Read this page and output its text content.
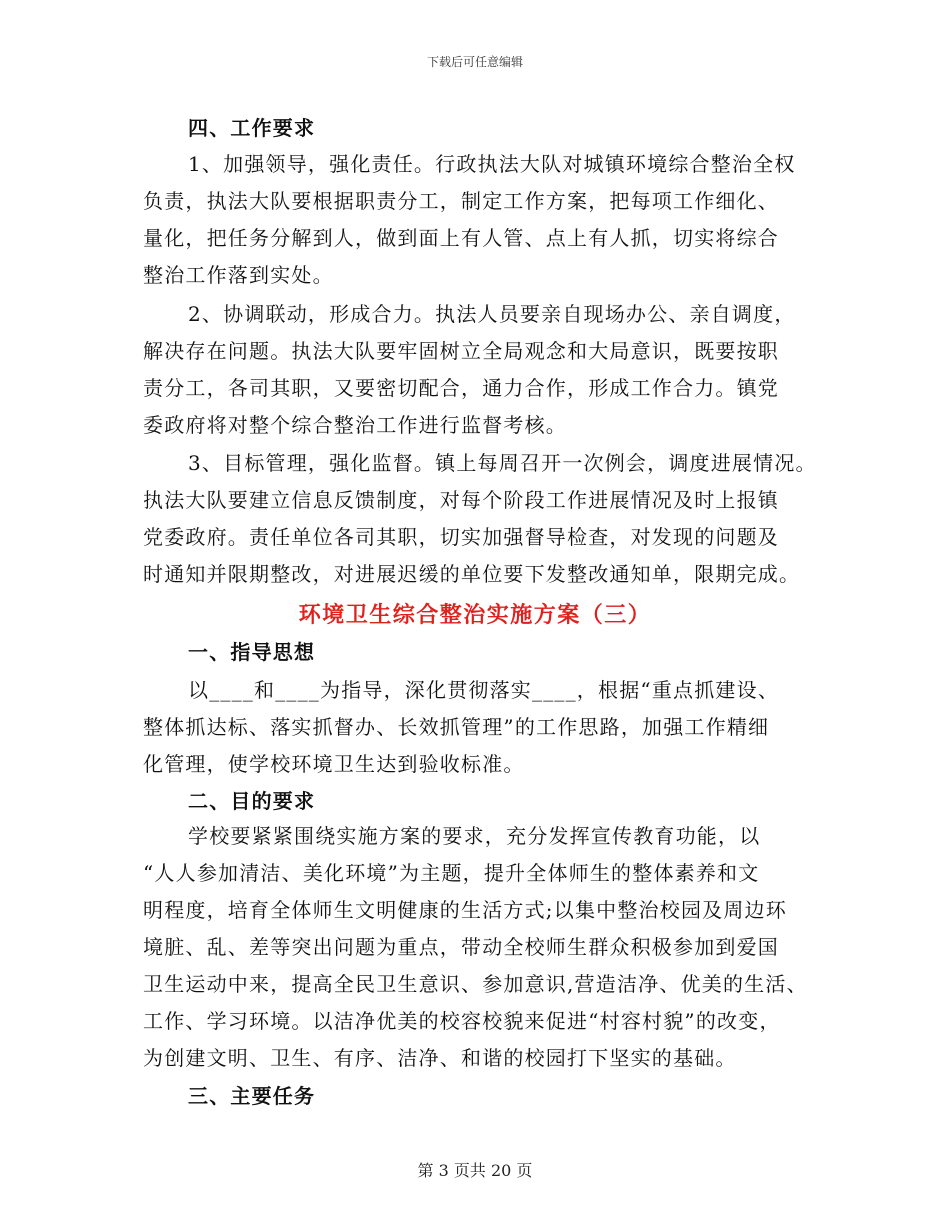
下载后可任意编辑
四、工作要求
1、加强领导，强化责任。行政执法大队对城镇环境综合整治全权
负责，执法大队要根据职责分工，制定工作方案，把每项工作细化、
量化，把任务分解到人，做到面上有人管、点上有人抓，切实将综合
整治工作落到实处。
2、协调联动，形成合力。执法人员要亲自现场办公、亲自调度，
解决存在问题。执法大队要牢固树立全局观念和大局意识，既要按职
责分工，各司其职，又要密切配合，通力合作，形成工作合力。镇党
委政府将对整个综合整治工作进行监督考核。
3、目标管理，强化监督。镇上每周召开一次例会，调度进展情况。
执法大队要建立信息反馈制度，对每个阶段工作进展情况及时上报镇
党委政府。责任单位各司其职，切实加强督导检查，对发现的问题及
时通知并限期整改，对进展迟缓的单位要下发整改通知单，限期完成。
环境卫生综合整治实施方案（三）
一、指导思想
以____和____为指导，深化贯彻落实____，根据“重点抓建设、
整体抓达标、落实抓督办、长效抓管理”的工作思路，加强工作精细
化管理，使学校环境卫生达到验收标准。
二、目的要求
学校要紧紧围绕实施方案的要求，充分发挥宣传教育功能，以
“人人参加清洁、美化环境”为主题，提升全体师生的整体素养和文
明程度，培育全体师生文明健康的生活方式;以集中整治校园及周边环
境脏、乱、差等突出问题为重点，带动全校师生群众积极参加到爱国
卫生运动中来，提高全民卫生意识、参加意识,营造洁净、优美的生活、
工作、学习环境。以洁净优美的校容校貌来促进“村容村貌”的改变，
为创建文明、卫生、有序、洁净、和谐的校园打下坚实的基础。
三、主要任务
第 3 页共 20 页
